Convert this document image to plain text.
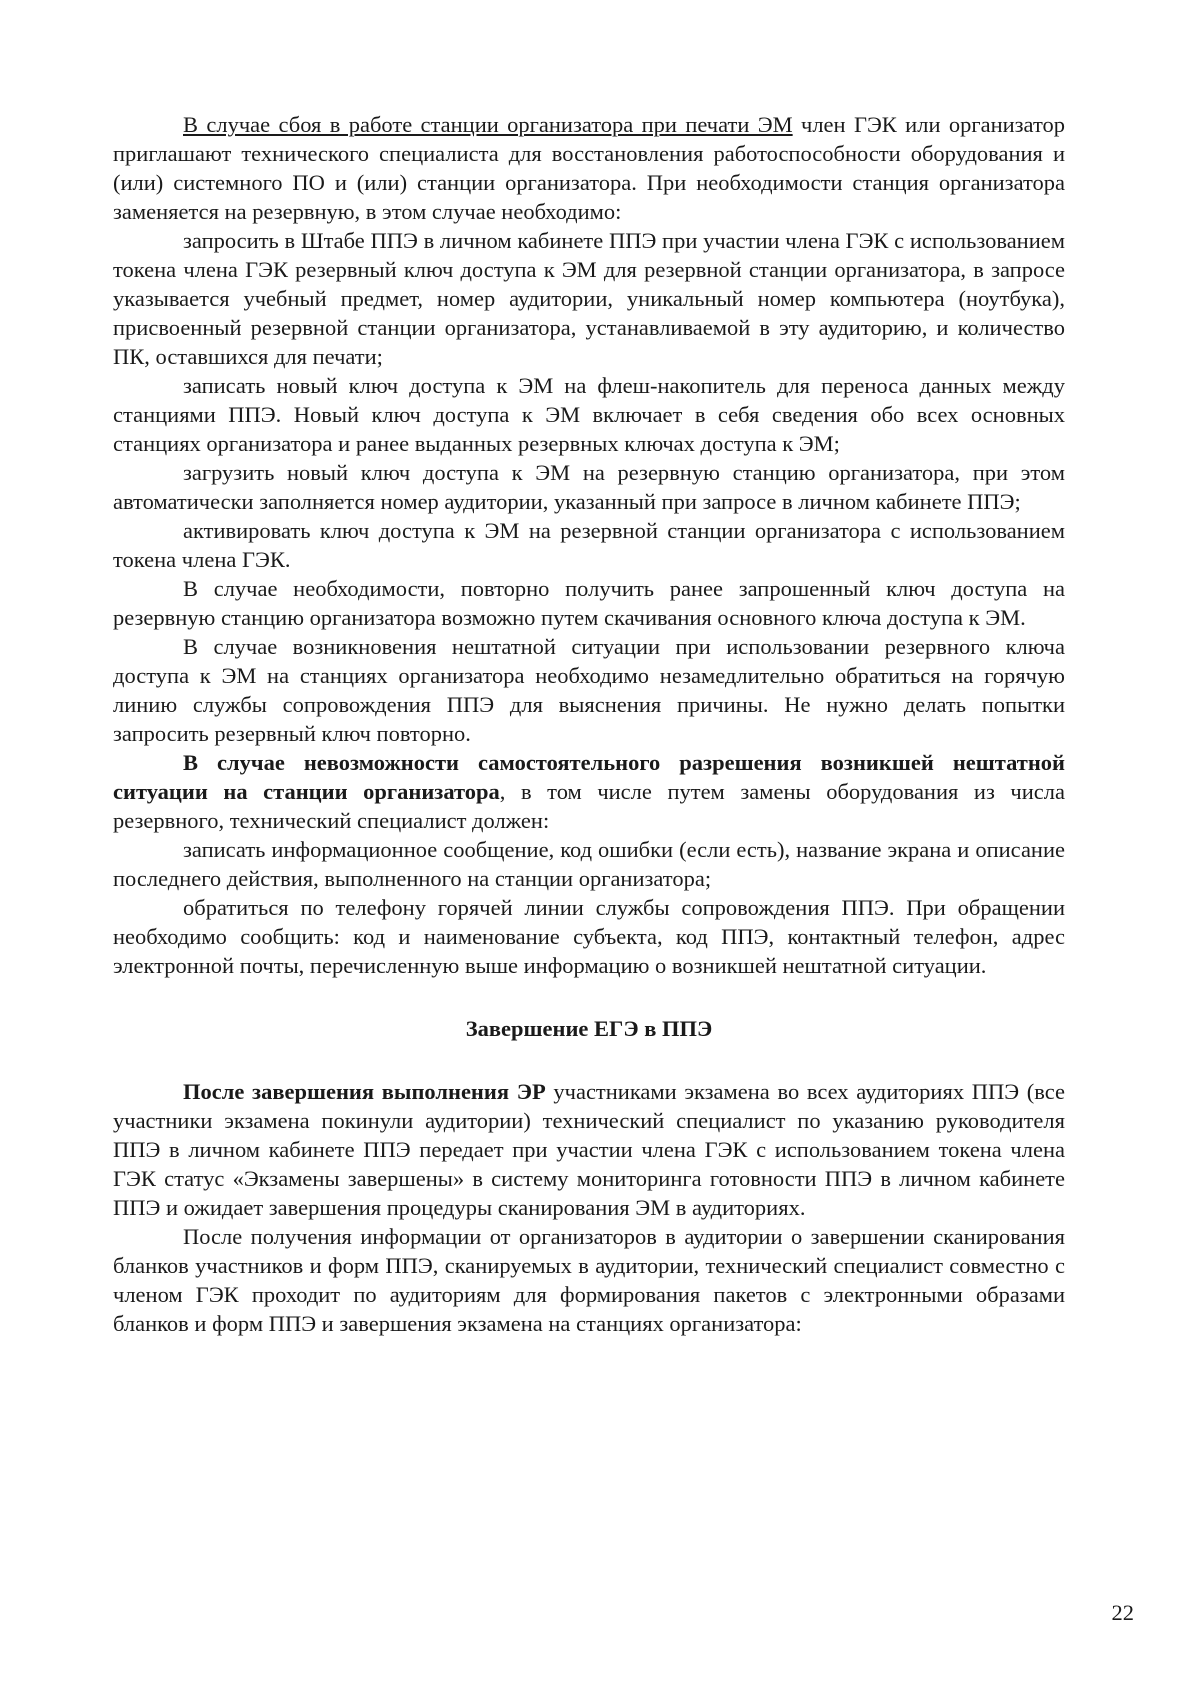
В случае сбоя в работе станции организатора при печати ЭМ член ГЭК или организатор приглашают технического специалиста для восстановления работоспособности оборудования и (или) системного ПО и (или) станции организатора. При необходимости станция организатора заменяется на резервную, в этом случае необходимо:

запросить в Штабе ППЭ в личном кабинете ППЭ при участии члена ГЭК с использованием токена члена ГЭК резервный ключ доступа к ЭМ для резервной станции организатора, в запросе указывается учебный предмет, номер аудитории, уникальный номер компьютера (ноутбука), присвоенный резервной станции организатора, устанавливаемой в эту аудиторию, и количество ПК, оставшихся для печати;

записать новый ключ доступа к ЭМ на флеш-накопитель для переноса данных между станциями ППЭ. Новый ключ доступа к ЭМ включает в себя сведения обо всех основных станциях организатора и ранее выданных резервных ключах доступа к ЭМ;

загрузить новый ключ доступа к ЭМ на резервную станцию организатора, при этом автоматически заполняется номер аудитории, указанный при запросе в личном кабинете ППЭ;

активировать ключ доступа к ЭМ на резервной станции организатора с использованием токена члена ГЭК.

В случае необходимости, повторно получить ранее запрошенный ключ доступа на резервную станцию организатора возможно путем скачивания основного ключа доступа к ЭМ.

В случае возникновения нештатной ситуации при использовании резервного ключа доступа к ЭМ на станциях организатора необходимо незамедлительно обратиться на горячую линию службы сопровождения ППЭ для выяснения причины. Не нужно делать попытки запросить резервный ключ повторно.

В случае невозможности самостоятельного разрешения возникшей нештатной ситуации на станции организатора, в том числе путем замены оборудования из числа резервного, технический специалист должен:

записать информационное сообщение, код ошибки (если есть), название экрана и описание последнего действия, выполненного на станции организатора;

обратиться по телефону горячей линии службы сопровождения ППЭ. При обращении необходимо сообщить: код и наименование субъекта, код ППЭ, контактный телефон, адрес электронной почты, перечисленную выше информацию о возникшей нештатной ситуации.

Завершение ЕГЭ в ППЭ

После завершения выполнения ЭР участниками экзамена во всех аудиториях ППЭ (все участники экзамена покинули аудитории) технический специалист по указанию руководителя ППЭ в личном кабинете ППЭ передает при участии члена ГЭК с использованием токена члена ГЭК статус «Экзамены завершены» в систему мониторинга готовности ППЭ в личном кабинете ППЭ и ожидает завершения процедуры сканирования ЭМ в аудиториях.

После получения информации от организаторов в аудитории о завершении сканирования бланков участников и форм ППЭ, сканируемых в аудитории, технический специалист совместно с членом ГЭК проходит по аудиториям для формирования пакетов с электронными образами бланков и форм ППЭ и завершения экзамена на станциях организатора:

22
